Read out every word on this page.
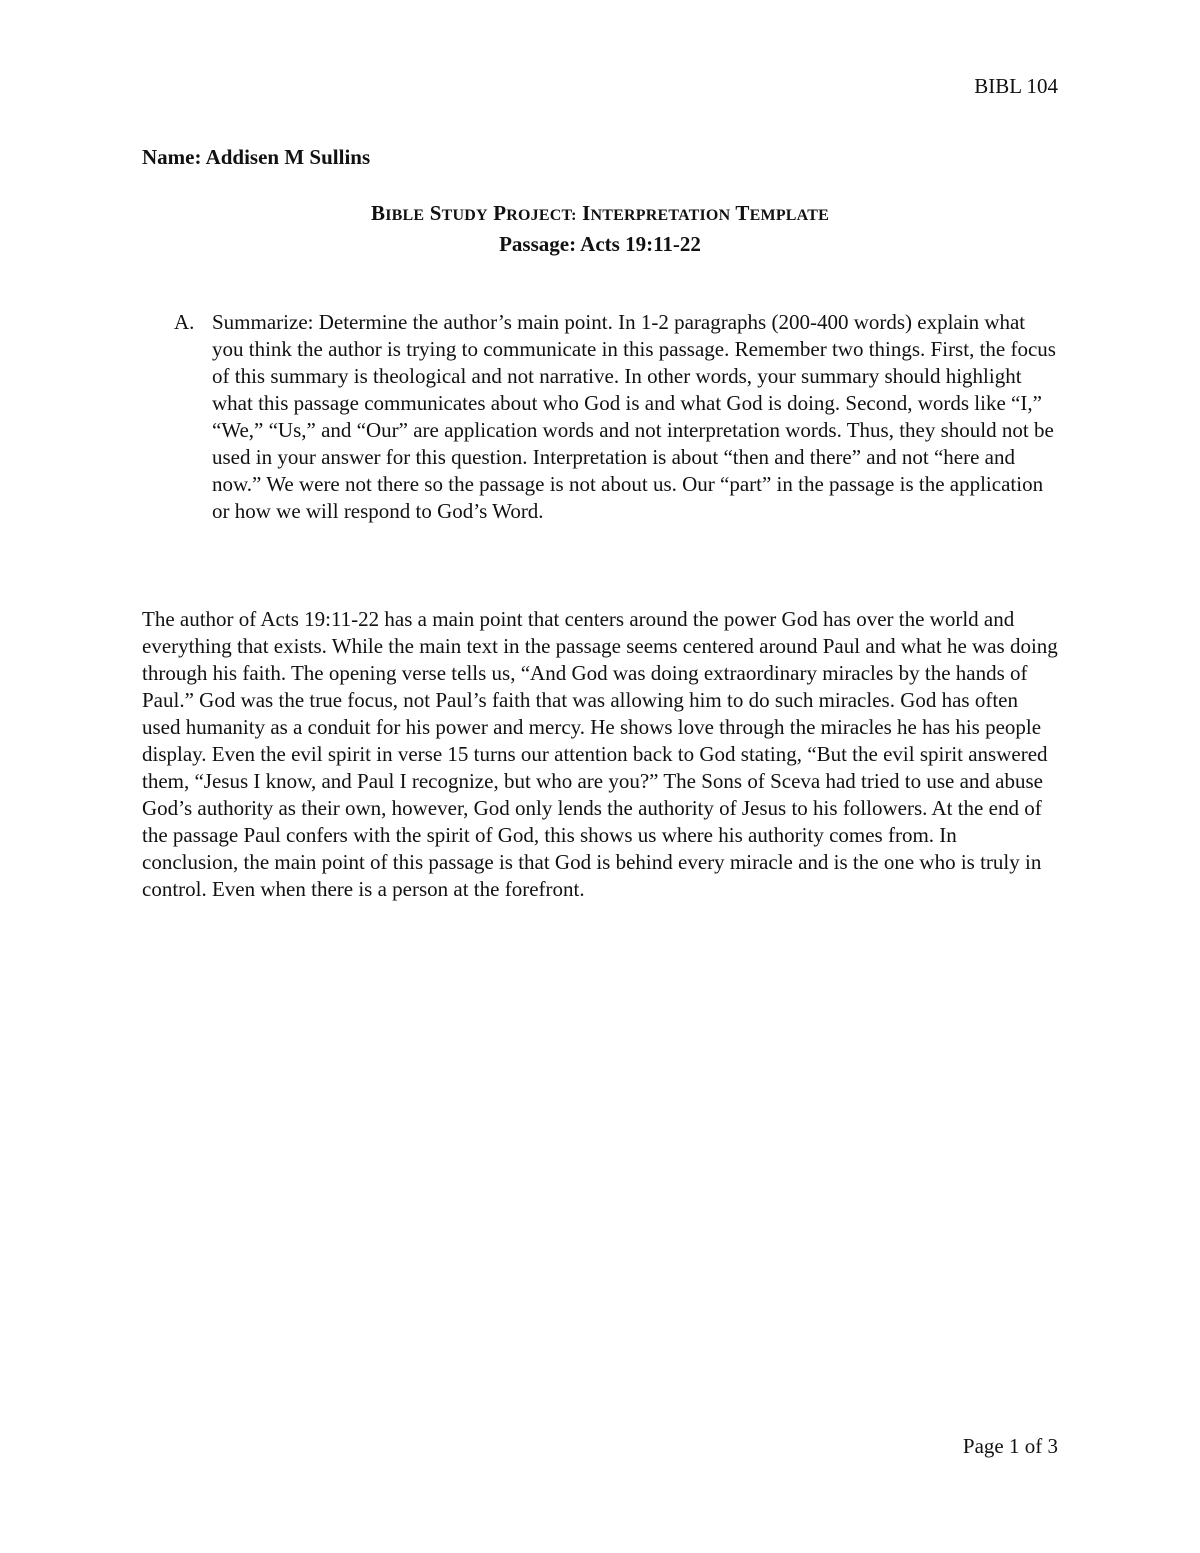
BIBL 104
Name: Addisen M Sullins
BIBLE STUDY PROJECT: INTERPRETATION TEMPLATE
Passage: Acts 19:11-22
A. Summarize: Determine the author’s main point. In 1-2 paragraphs (200-400 words) explain what you think the author is trying to communicate in this passage. Remember two things. First, the focus of this summary is theological and not narrative. In other words, your summary should highlight what this passage communicates about who God is and what God is doing. Second, words like “I,” “We,” “Us,” and “Our” are application words and not interpretation words. Thus, they should not be used in your answer for this question. Interpretation is about “then and there” and not “here and now.” We were not there so the passage is not about us. Our “part” in the passage is the application or how we will respond to God’s Word.
The author of Acts 19:11-22 has a main point that centers around the power God has over the world and everything that exists. While the main text in the passage seems centered around Paul and what he was doing through his faith. The opening verse tells us, “And God was doing extraordinary miracles by the hands of Paul.” God was the true focus, not Paul’s faith that was allowing him to do such miracles. God has often used humanity as a conduit for his power and mercy. He shows love through the miracles he has his people display. Even the evil spirit in verse 15 turns our attention back to God stating, “But the evil spirit answered them, “Jesus I know, and Paul I recognize, but who are you?” The Sons of Sceva had tried to use and abuse God’s authority as their own, however, God only lends the authority of Jesus to his followers. At the end of the passage Paul confers with the spirit of God, this shows us where his authority comes from. In conclusion, the main point of this passage is that God is behind every miracle and is the one who is truly in control. Even when there is a person at the forefront.
Page 1 of 3
